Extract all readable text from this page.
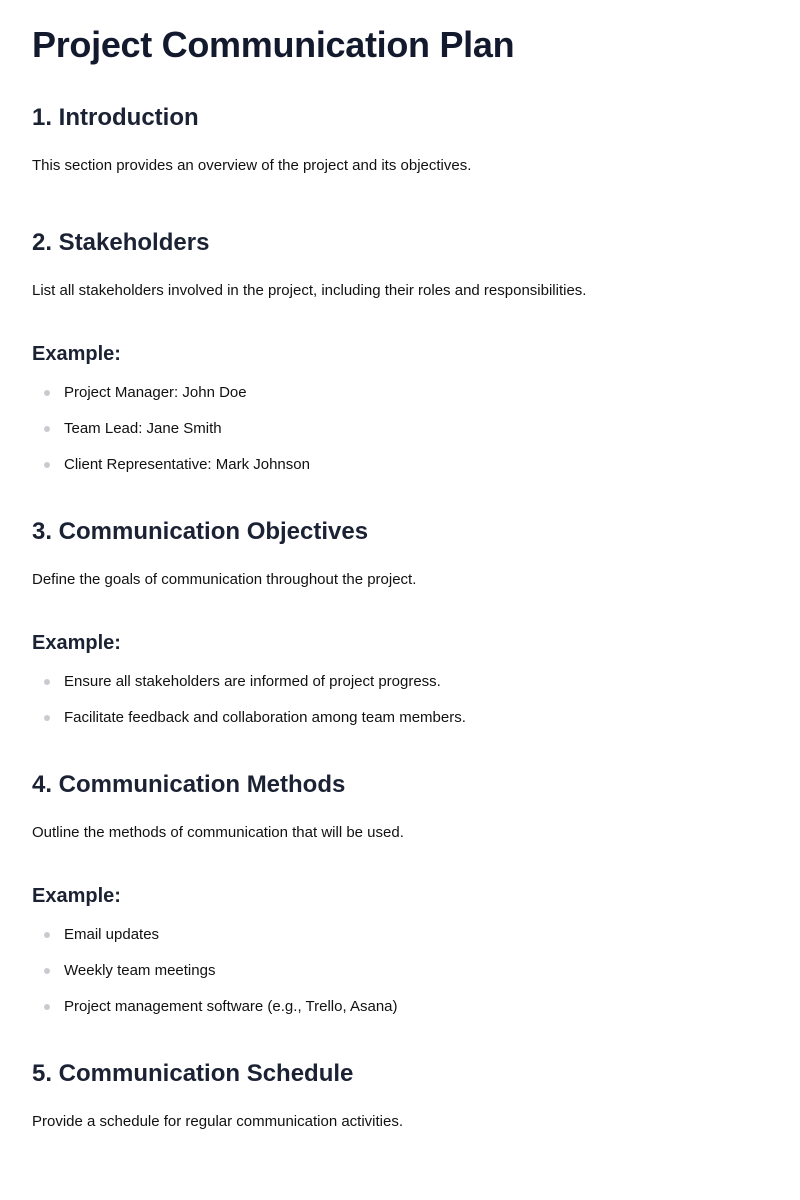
Project Communication Plan
1. Introduction

This section provides an overview of the project and its objectives.

2. Stakeholders

List all stakeholders involved in the project, including their roles and responsibilities.

Example:
Project Manager: John Doe
Team Lead: Jane Smith
Client Representative: Mark Johnson
3. Communication Objectives

Define the goals of communication throughout the project.

Example:
Ensure all stakeholders are informed of project progress.
Facilitate feedback and collaboration among team members.
4. Communication Methods

Outline the methods of communication that will be used.

Example:
Email updates
Weekly team meetings
Project management software (e.g., Trello, Asana)
5. Communication Schedule

Provide a schedule for regular communication activities.
